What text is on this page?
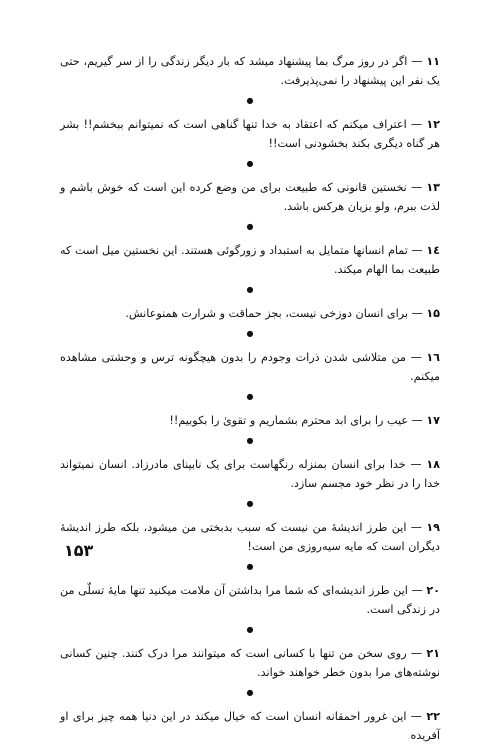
۱۱ — اگر در روز مرگ بما پیشنهاد میشد که بار دیگر زندگی را از سر گیریم، حتی یک نفر این پیشنهاد را نمی‌پذیرفت.

●

۱۲ — اعتراف میکنم که اعتقاد به خدا تنها گناهی است که نمیتوانم ببخشم!! بشر هر گناه دیگری بکند بخشودنی است!!

●

۱۳ — نخستین قانونی که طبیعت برای من وضع کرده این است که خوش باشم و لذت ببرم، ولو بزیان هرکس باشد.

●

۱٤ — تمام انسانها متمایل به استبداد و زورگوئی هستند. این نخستین میل است که طبیعت بما الهام میکند.

●

۱۵ — برای انسان دوزخی نیست، بجز حماقت و شرارت همنوعانش.

●

۱٦ — من متلاشی شدن ذرات وجودم را بدون هیچگونه ترس و وحشتی مشاهده میکنم.

●

۱۷ — عیب را برای ابد محترم بشماریم و تقویٰ را بکوبیم!!

●

۱۸ — خدا برای انسان بمنزله رنگهاست برای یک نابینای مادرزاد. انسان نمیتواند خدا را در نظر خود مجسم سازد.

●

۱۹ — این طرز اندیشهٔ من نیست که سبب بدبختی من میشود، بلکه طرز اندیشهٔ دیگران است که مایه سیه‌روزی من است!

●

۲۰ — این طرز اندیشه‌ای که شما مرا بداشتن آن ملامت میکنید تنها مایهٔ تسلّی من در زندگی است.

●

۲۱ — روی سخن من تنها با کسانی است که میتوانند مرا درک کنند. چنین کسانی نوشته‌های مرا بدون خطر خواهند خواند.

●

۲۲ — این غرور احمقانه انسان است که خیال میکند در این دنیا همه چیز برای او آفریده

۱۵۳
